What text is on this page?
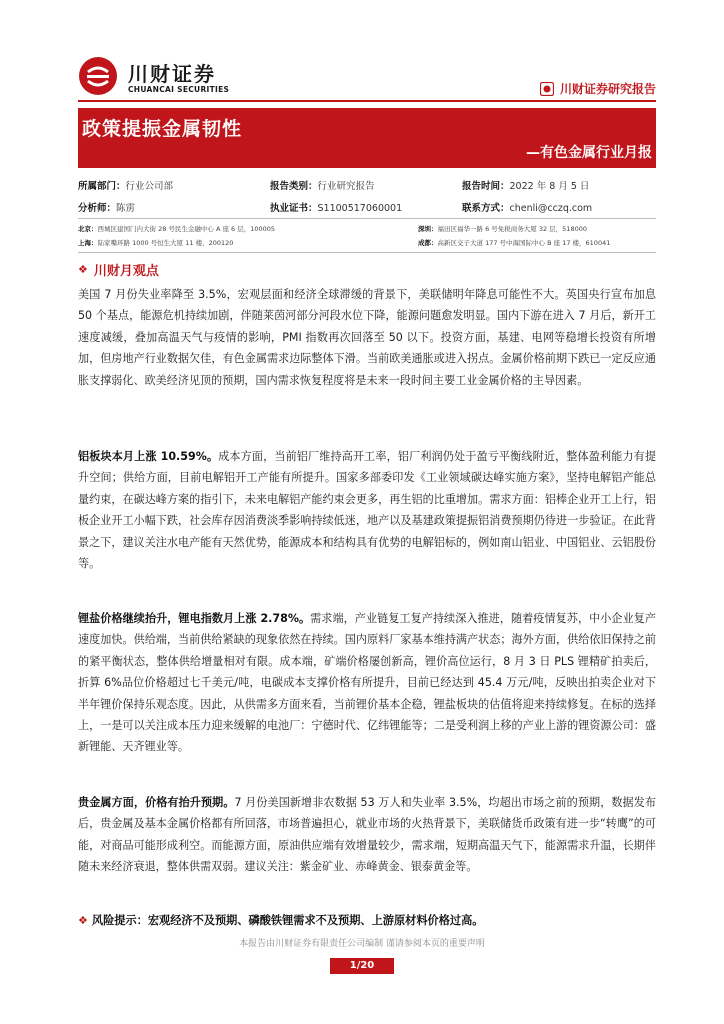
川财证券
CHUANCAI SECURITIES	川财证券研究报告
政策提振金属韧性
—有色金属行业月报
所属部门：行业公司部	报告类别：行业研究报告	报告时间：2022 年 8 月 5 日
分析师：陈雳	执业证书：S1100517060001	联系方式：chenli@cczq.com
北京：西城区建国门内大街 28 号民生金融中心 A 座 6 层，100005	深圳：福田区福华一路 6 号免税商务大厦 32 层，518000
上海：陆家嘴环路 1000 号恒生大厦 11 楼，200120	成都：高新区交子大道 177 号中海国际中心 B 座 17 楼，610041
❖ 川财月观点

美国 7 月份失业率降至 3.5%，宏观层面和经济全球滞缓的背景下，美联储明年降息可能性不大。英国央行宣布加息 50 个基点，能源危机持续加剧，伴随莱茵河部分河段水位下降，能源问题愈发明显。国内下游在进入 7 月后，新开工速度减缓，叠加高温天气与疫情的影响，PMI 指数再次回落至 50 以下。投资方面，基建、电网等稳增长投资有所增加，但房地产行业数据欠佳，有色金属需求边际整体下滑。当前欧美通胀或进入拐点。金属价格前期下跌已一定反应通胀支撑弱化、欧美经济见顶的预期，国内需求恢复程度将是未来一段时间主要工业金属价格的主导因素。

铝板块本月上涨 10.59%。成本方面，当前铝厂维持高开工率，铝厂利润仍处于盈亏平衡线附近，整体盈利能力有提升空间；供给方面，目前电解铝开工产能有所提升。国家多部委印发《工业领域碳达峰实施方案》，坚持电解铝产能总量约束，在碳达峰方案的指引下，未来电解铝产能约束会更多，再生铝的比重增加。需求方面：铝棒企业开工上行，铝板企业开工小幅下跌，社会库存因消费淡季影响持续低迷，地产以及基建政策提振铝消费预期仍待进一步验证。在此背景之下，建议关注水电产能有天然优势，能源成本和结构具有优势的电解铝标的，例如南山铝业、中国铝业、云铝股份等。

锂盐价格继续抬升，锂电指数月上涨 2.78%。需求端，产业链复工复产持续深入推进，随着疫情复苏，中小企业复产速度加快。供给端，当前供给紧缺的现象依然在持续。国内原料厂家基本维持满产状态；海外方面，供给依旧保持之前的紧平衡状态，整体供给增量相对有限。成本端，矿端价格屡创新高，锂价高位运行，8 月 3 日 PLS 锂精矿拍卖后，折算 6%品位价格超过七千美元/吨，电碳成本支撑价格有所提升，目前已经达到 45.4 万元/吨，反映出拍卖企业对下半年锂价保持乐观态度。因此，从供需多方面来看，当前锂价基本企稳，锂盐板块的估值将迎来持续修复。在标的选择上，一是可以关注成本压力迎来缓解的电池厂：宁德时代、亿纬锂能等；二是受利润上移的产业上游的锂资源公司：盛新锂能、天齐锂业等。

贵金属方面，价格有抬升预期。7 月份美国新增非农数据 53 万人和失业率 3.5%，均超出市场之前的预期，数据发布后，贵金属及基本金属价格都有所回落，市场普遍担心，就业市场的火热背景下，美联储货币政策有进一步“转鹰”的可能，对商品可能形成利空。而能源方面，原油供应端有效增量较少，需求端，短期高温天气下，能源需求升温，长期伴随未来经济衰退，整体供需双弱。建议关注：紫金矿业、赤峰黄金、银泰黄金等。

❖ 风险提示：宏观经济不及预期、磷酸铁锂需求不及预期、上游原材料价格过高。
本报告由川财证券有限责任公司编制 谨请参阅本页的重要声明
1/20
